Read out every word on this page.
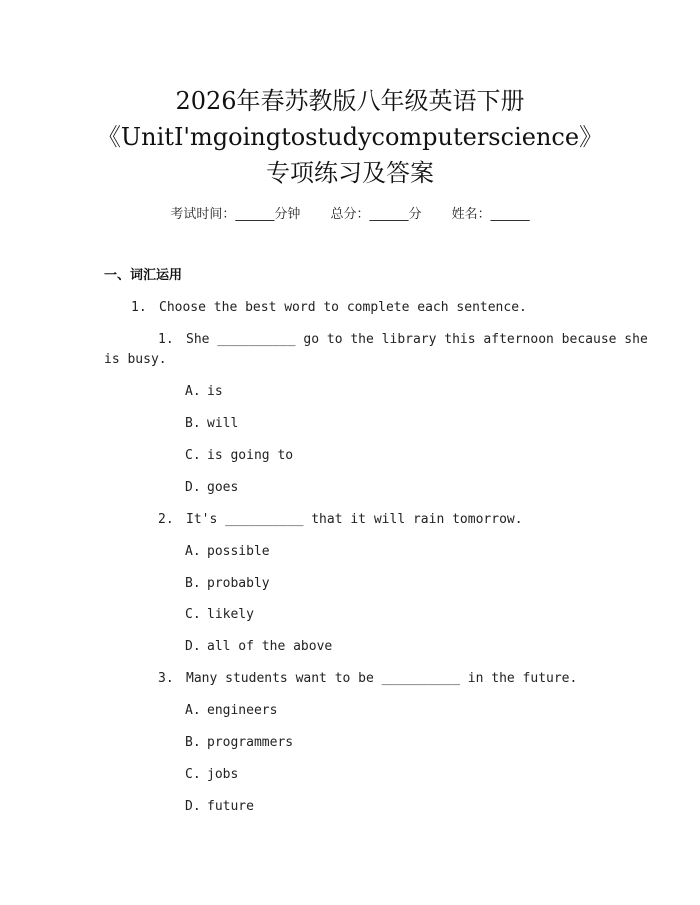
2026年春苏教版八年级英语下册
《UnitI'mgoingtostudycomputerscience》
专项练习及答案
考试时间：______分钟 总分：______分 姓名：______
一、词汇运用
1. Choose the best word to complete each sentence.
1. She __________ go to the library this afternoon because she
is busy.
A. is
B. will
C. is going to
D. goes
2. It's __________ that it will rain tomorrow.
A. possible
B. probably
C. likely
D. all of the above
3. Many students want to be __________ in the future.
A. engineers
B. programmers
C. jobs
D. future
